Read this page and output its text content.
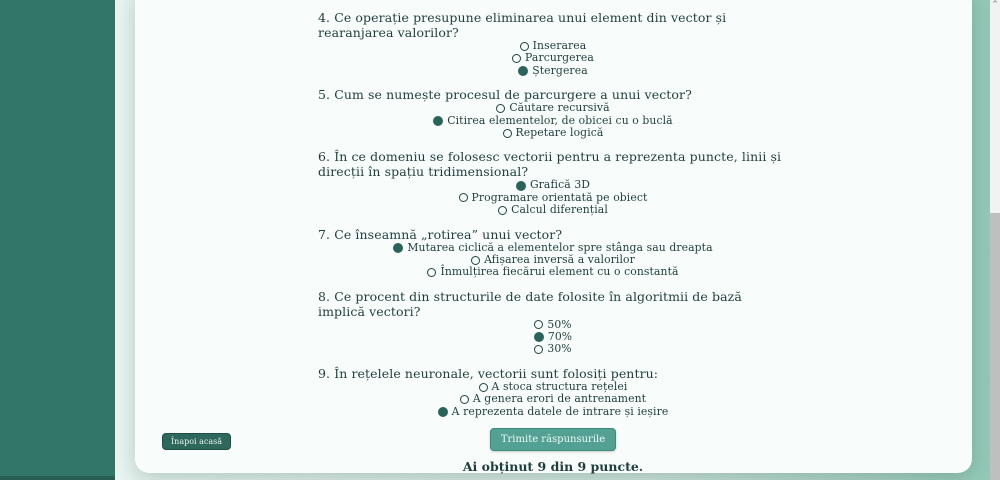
4. Ce operație presupune eliminarea unui element din vector și rearanjarea valorilor?
Inserarea
Parcurgerea
Ștergerea
5. Cum se numește procesul de parcurgere a unui vector?
Căutare recursivă
Citirea elementelor, de obicei cu o buclă
Repetare logică
6. În ce domeniu se folosesc vectorii pentru a reprezenta puncte, linii și direcții în spațiu tridimensional?
Grafică 3D
Programare orientată pe obiect
Calcul diferențial
7. Ce înseamnă „rotirea” unui vector?
Mutarea ciclică a elementelor spre stânga sau dreapta
Afișarea inversă a valorilor
Înmulțirea fiecărui element cu o constantă
8. Ce procent din structurile de date folosite în algoritmii de bază implică vectori?
50%
70%
30%
9. În rețelele neuronale, vectorii sunt folosiți pentru:
A stoca structura rețelei
A genera erori de antrenament
A reprezenta datele de intrare și ieșire
Trimite răspunsurile
Ai obținut 9 din 9 puncte.
Înapoi acasă
^
